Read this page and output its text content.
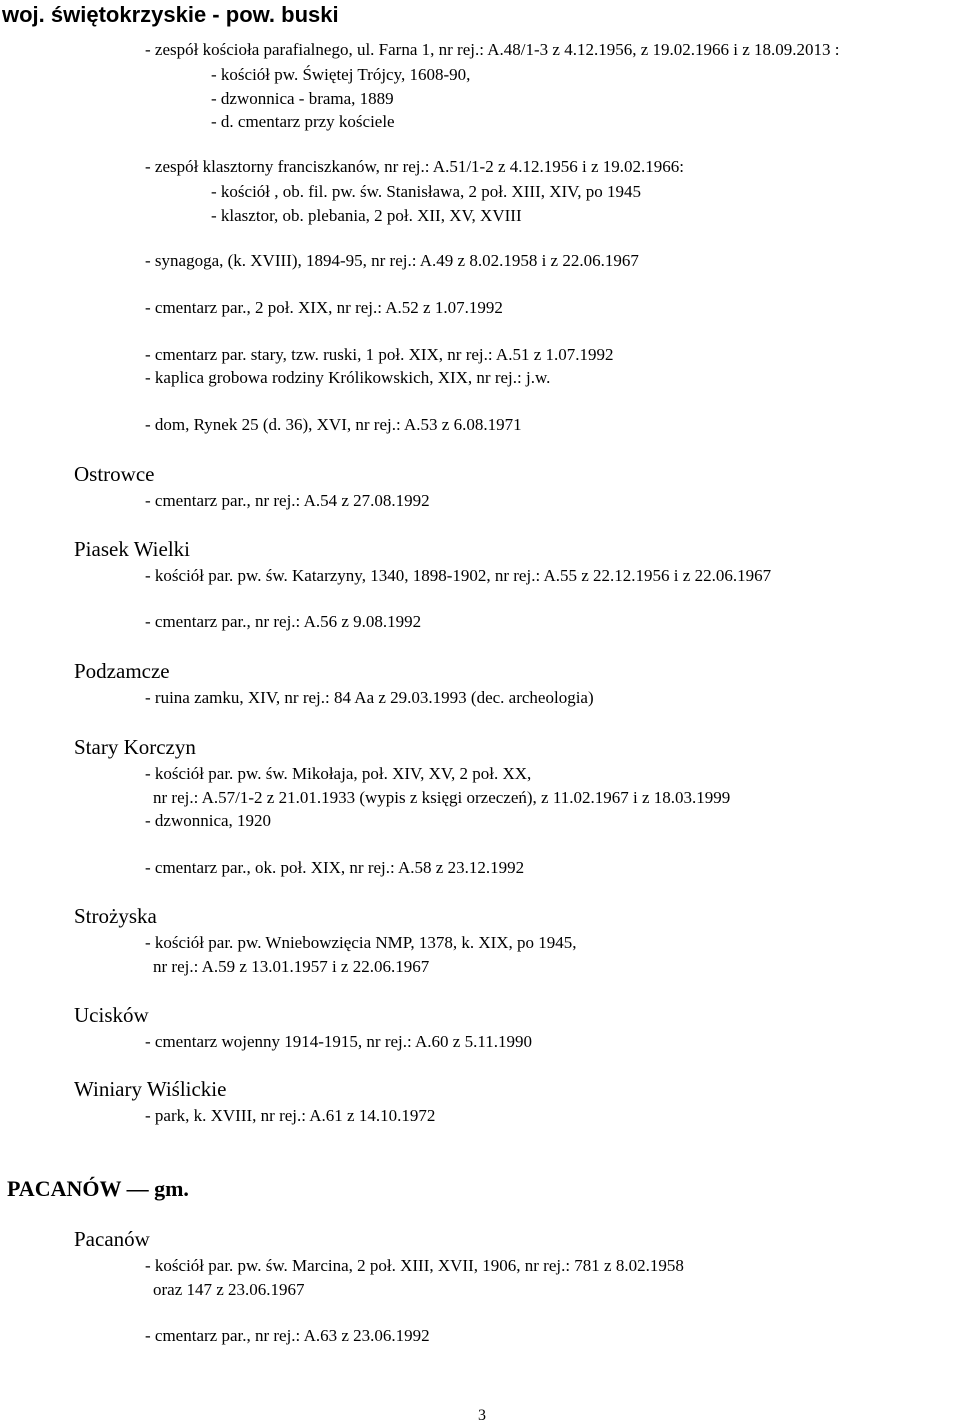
woj. świętokrzyskie - pow. buski
- zespół kościoła parafialnego, ul. Farna 1, nr rej.: A.48/1-3 z 4.12.1956, z 19.02.1966 i z 18.09.2013 :
- kościół pw. Świętej Trójcy, 1608-90,
- dzwonnica - brama, 1889
- d. cmentarz przy kościele
- zespół klasztorny franciszkanów, nr rej.: A.51/1-2 z 4.12.1956 i z 19.02.1966:
- kościół , ob. fil. pw. św. Stanisława, 2 poł. XIII, XIV, po 1945
- klasztor, ob. plebania, 2 poł. XII, XV, XVIII
- synagoga, (k. XVIII), 1894-95, nr rej.: A.49 z 8.02.1958 i z 22.06.1967
- cmentarz par., 2 poł. XIX, nr rej.: A.52 z 1.07.1992
- cmentarz par. stary, tzw. ruski, 1 poł. XIX, nr rej.: A.51 z 1.07.1992
- kaplica grobowa rodziny Królikowskich, XIX, nr rej.: j.w.
- dom, Rynek 25 (d. 36), XVI, nr rej.: A.53 z 6.08.1971
Ostrowce
- cmentarz par., nr rej.: A.54 z 27.08.1992
Piasek Wielki
- kościół par. pw. św. Katarzyny, 1340, 1898-1902, nr rej.: A.55 z 22.12.1956 i z 22.06.1967
- cmentarz par., nr rej.: A.56 z 9.08.1992
Podzamcze
- ruina zamku, XIV, nr rej.: 84 Aa z 29.03.1993 (dec. archeologia)
Stary Korczyn
- kościół par. pw. św. Mikołaja, poł. XIV, XV, 2 poł. XX,
nr rej.: A.57/1-2 z 21.01.1933 (wypis z księgi orzeczeń), z 11.02.1967 i z 18.03.1999
- dzwonnica, 1920
- cmentarz par., ok. poł. XIX, nr rej.: A.58 z 23.12.1992
Strożyska
- kościół par. pw. Wniebowzięcia NMP, 1378, k. XIX, po 1945,
nr rej.: A.59 z 13.01.1957 i z 22.06.1967
Ucisków
- cmentarz wojenny 1914-1915, nr rej.: A.60 z 5.11.1990
Winiary Wiślickie
- park, k. XVIII, nr rej.: A.61 z 14.10.1972
PACANÓW — gm.
Pacanów
- kościół par. pw. św. Marcina, 2 poł. XIII, XVII, 1906, nr rej.: 781 z 8.02.1958
oraz 147 z 23.06.1967
- cmentarz par., nr rej.: A.63 z 23.06.1992
3
